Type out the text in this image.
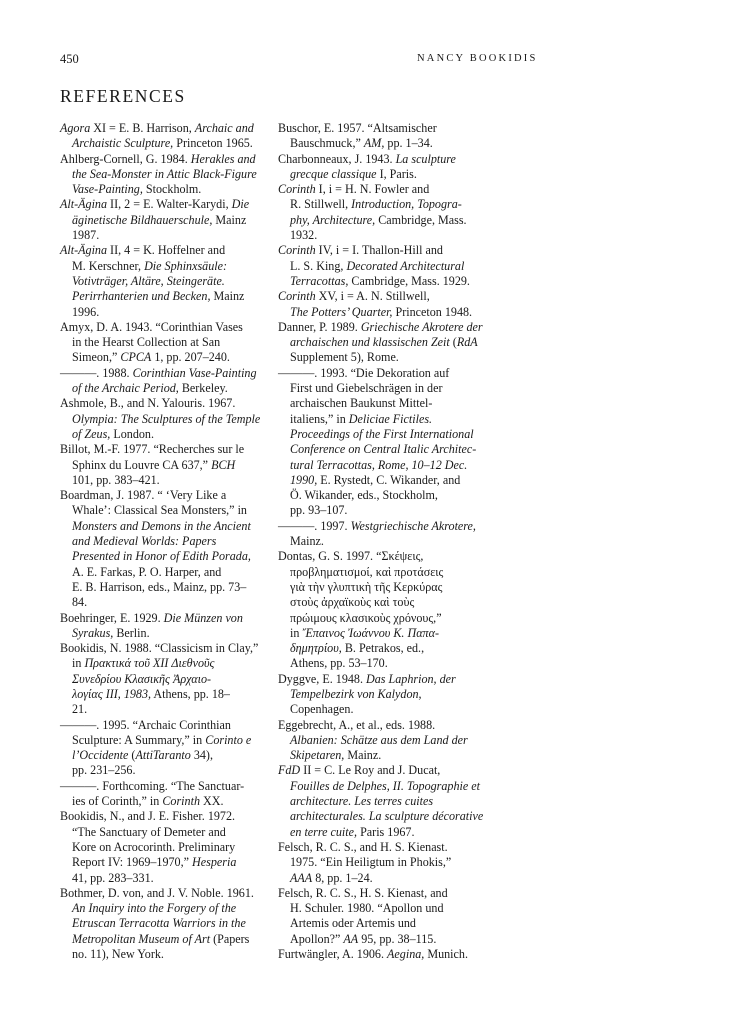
450	NANCY BOOKIDIS
REFERENCES
Agora XI = E. B. Harrison, Archaic and
Archaistic Sculpture, Princeton 1965.
Ahlberg-Cornell, G. 1984. Herakles and
the Sea-Monster in Attic Black-Figure
Vase-Painting, Stockholm.
Alt-Ägina II, 2 = E. Walter-Karydi, Die
äginetische Bildhauerschule, Mainz
1987.
Alt-Ägina II, 4 = K. Hoffelner and
M. Kerschner, Die Sphinxsäule:
Votivträger, Altäre, Steingeräte.
Perirrhanterien und Becken, Mainz
1996.
Amyx, D. A. 1943. “Corinthian Vases
in the Hearst Collection at San
Simeon,” CPCA 1, pp. 207–240.
———. 1988. Corinthian Vase-Painting
of the Archaic Period, Berkeley.
Ashmole, B., and N. Yalouris. 1967.
Olympia: The Sculptures of the Temple
of Zeus, London.
Billot, M.-F. 1977. “Recherches sur le
Sphinx du Louvre CA 637,” BCH
101, pp. 383–421.
Boardman, J. 1987. “ ‘Very Like a
Whale’: Classical Sea Monsters,” in
Monsters and Demons in the Ancient
and Medieval Worlds: Papers
Presented in Honor of Edith Porada,
A. E. Farkas, P. O. Harper, and
E. B. Harrison, eds., Mainz, pp. 73–
84.
Boehringer, E. 1929. Die Münzen von
Syrakus, Berlin.
Bookidis, N. 1988. “Classicism in Clay,”
in Πρακτικά τοῦ XII Διεθνοῦς
Συνεδρίου Κλασικῆς Ἀρχαιο-
λογίας III, 1983, Athens, pp. 18–
21.
———. 1995. “Archaic Corinthian
Sculpture: A Summary,” in Corinto e
l’Occidente (AttiTaranto 34),
pp. 231–256.
———. Forthcoming. “The Sanctuar-
ies of Corinth,” in Corinth XX.
Bookidis, N., and J. E. Fisher. 1972.
“The Sanctuary of Demeter and
Kore on Acrocorinth. Preliminary
Report IV: 1969–1970,” Hesperia
41, pp. 283–331.
Bothmer, D. von, and J. V. Noble. 1961.
An Inquiry into the Forgery of the
Etruscan Terracotta Warriors in the
Metropolitan Museum of Art (Papers
no. 11), New York.
Buschor, E. 1957. “Altsamischer
Bauschmuck,” AM, pp. 1–34.
Charbonneaux, J. 1943. La sculpture
grecque classique I, Paris.
Corinth I, i = H. N. Fowler and
R. Stillwell, Introduction, Topogra-
phy, Architecture, Cambridge, Mass.
1932.
Corinth IV, i = I. Thallon-Hill and
L. S. King, Decorated Architectural
Terracottas, Cambridge, Mass. 1929.
Corinth XV, i = A. N. Stillwell,
The Potters’ Quarter, Princeton 1948.
Danner, P. 1989. Griechische Akrotere der
archaischen und klassischen Zeit (RdA
Supplement 5), Rome.
———. 1993. “Die Dekoration auf
First und Giebelschrägen in der
archaischen Baukunst Mittel-
italiens,” in Deliciae Fictiles.
Proceedings of the First International
Conference on Central Italic Architec-
tural Terracottas, Rome, 10–12 Dec.
1990, E. Rystedt, C. Wikander, and
Ö. Wikander, eds., Stockholm,
pp. 93–107.
———. 1997. Westgriechische Akrotere,
Mainz.
Dontas, G. S. 1997. “Σκέψεις,
προβληματισμοί, καὶ προτάσεις
γιὰ τὴν γλυπτικὴ τῆς Κερκύρας
στοὺς ἀρχαϊκοὺς καὶ τοὺς
πρώιμους κλασικοὺς χρόνους,”
in Ἔπαινος Ἰωάννου Κ. Παπα-
δημητρίου, B. Petrakos, ed.,
Athens, pp. 53–170.
Dyggve, E. 1948. Das Laphrion, der
Tempelbezirk von Kalydon,
Copenhagen.
Eggebrecht, A., et al., eds. 1988.
Albanien: Schätze aus dem Land der
Skipetaren, Mainz.
FdD II = C. Le Roy and J. Ducat,
Fouilles de Delphes, II. Topographie et
architecture. Les terres cuites
architecturales. La sculpture décorative
en terre cuite, Paris 1967.
Felsch, R. C. S., and H. S. Kienast.
1975. “Ein Heiligtum in Phokis,”
AAA 8, pp. 1–24.
Felsch, R. C. S., H. S. Kienast, and
H. Schuler. 1980. “Apollon und
Artemis oder Artemis und
Apollon?” AA 95, pp. 38–115.
Furtwängler, A. 1906. Aegina, Munich.
